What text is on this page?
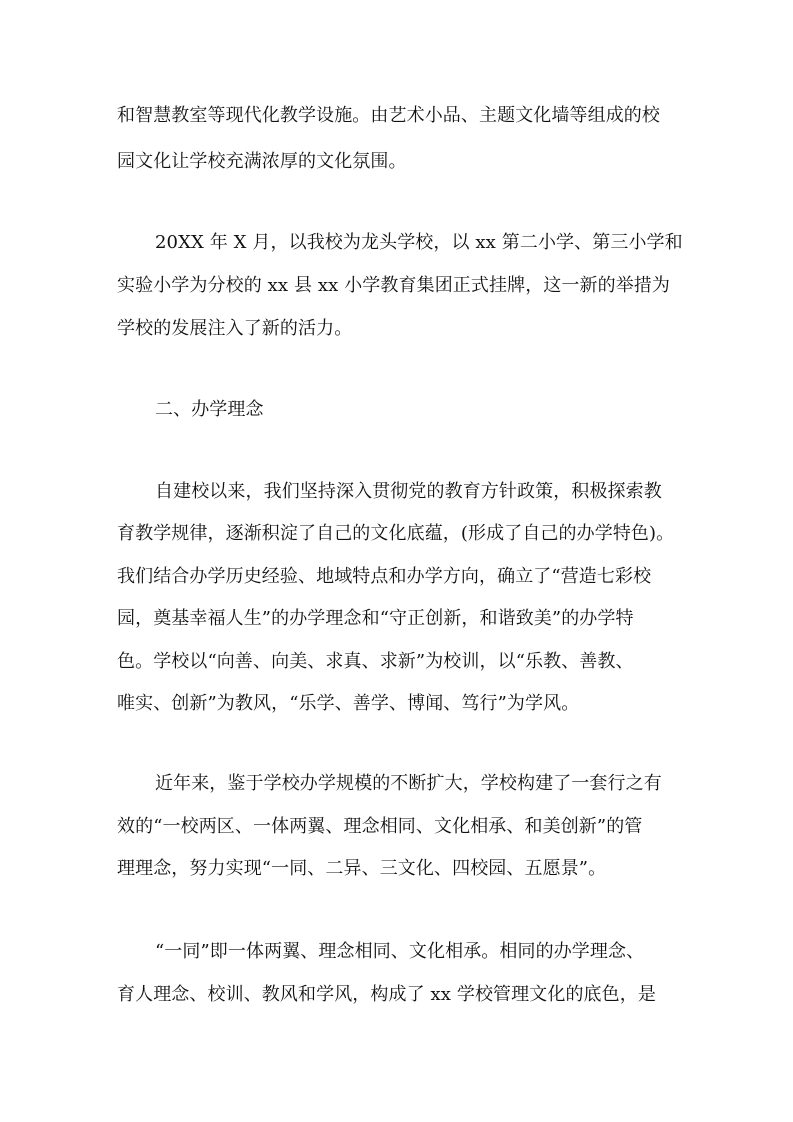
和智慧教室等现代化教学设施。由艺术小品、主题文化墙等组成的校
园文化让学校充满浓厚的文化氛围。
20XX 年 X 月，以我校为龙头学校，以 xx 第二小学、第三小学和
实验小学为分校的 xx 县 xx 小学教育集团正式挂牌，这一新的举措为
学校的发展注入了新的活力。
二、办学理念
自建校以来，我们坚持深入贯彻党的教育方针政策，积极探索教
育教学规律，逐渐积淀了自己的文化底蕴，(形成了自己的办学特色)。
我们结合办学历史经验、地域特点和办学方向，确立了“营造七彩校
园，奠基幸福人生”的办学理念和“守正创新，和谐致美”的办学特
色。学校以“向善、向美、求真、求新”为校训，以“乐教、善教、
唯实、创新”为教风，“乐学、善学、博闻、笃行”为学风。
近年来，鉴于学校办学规模的不断扩大，学校构建了一套行之有
效的“一校两区、一体两翼、理念相同、文化相承、和美创新”的管
理理念，努力实现“一同、二异、三文化、四校园、五愿景”。
“一同”即一体两翼、理念相同、文化相承。相同的办学理念、
育人理念、校训、教风和学风，构成了 xx 学校管理文化的底色，是
